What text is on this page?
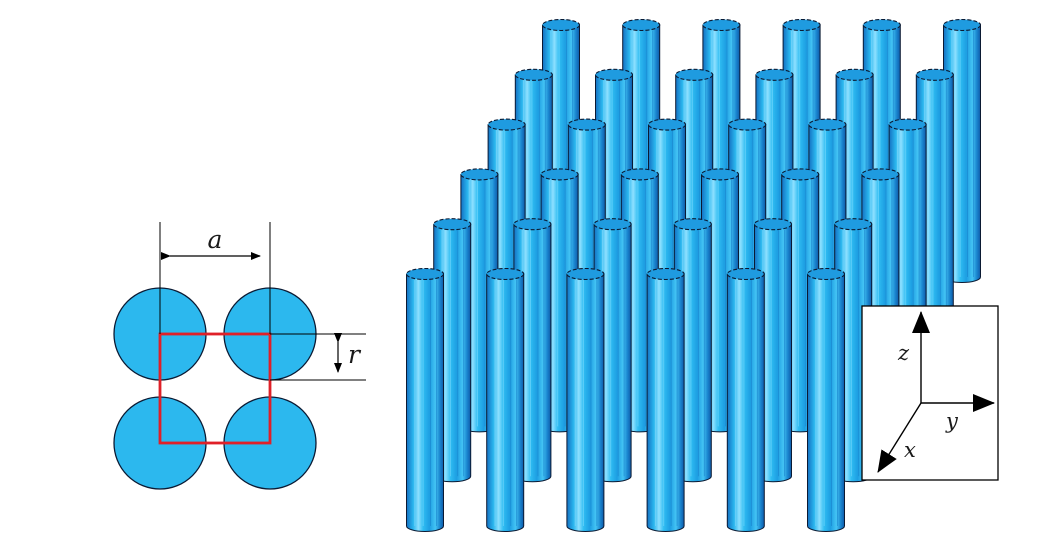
a
r	z
y
x
